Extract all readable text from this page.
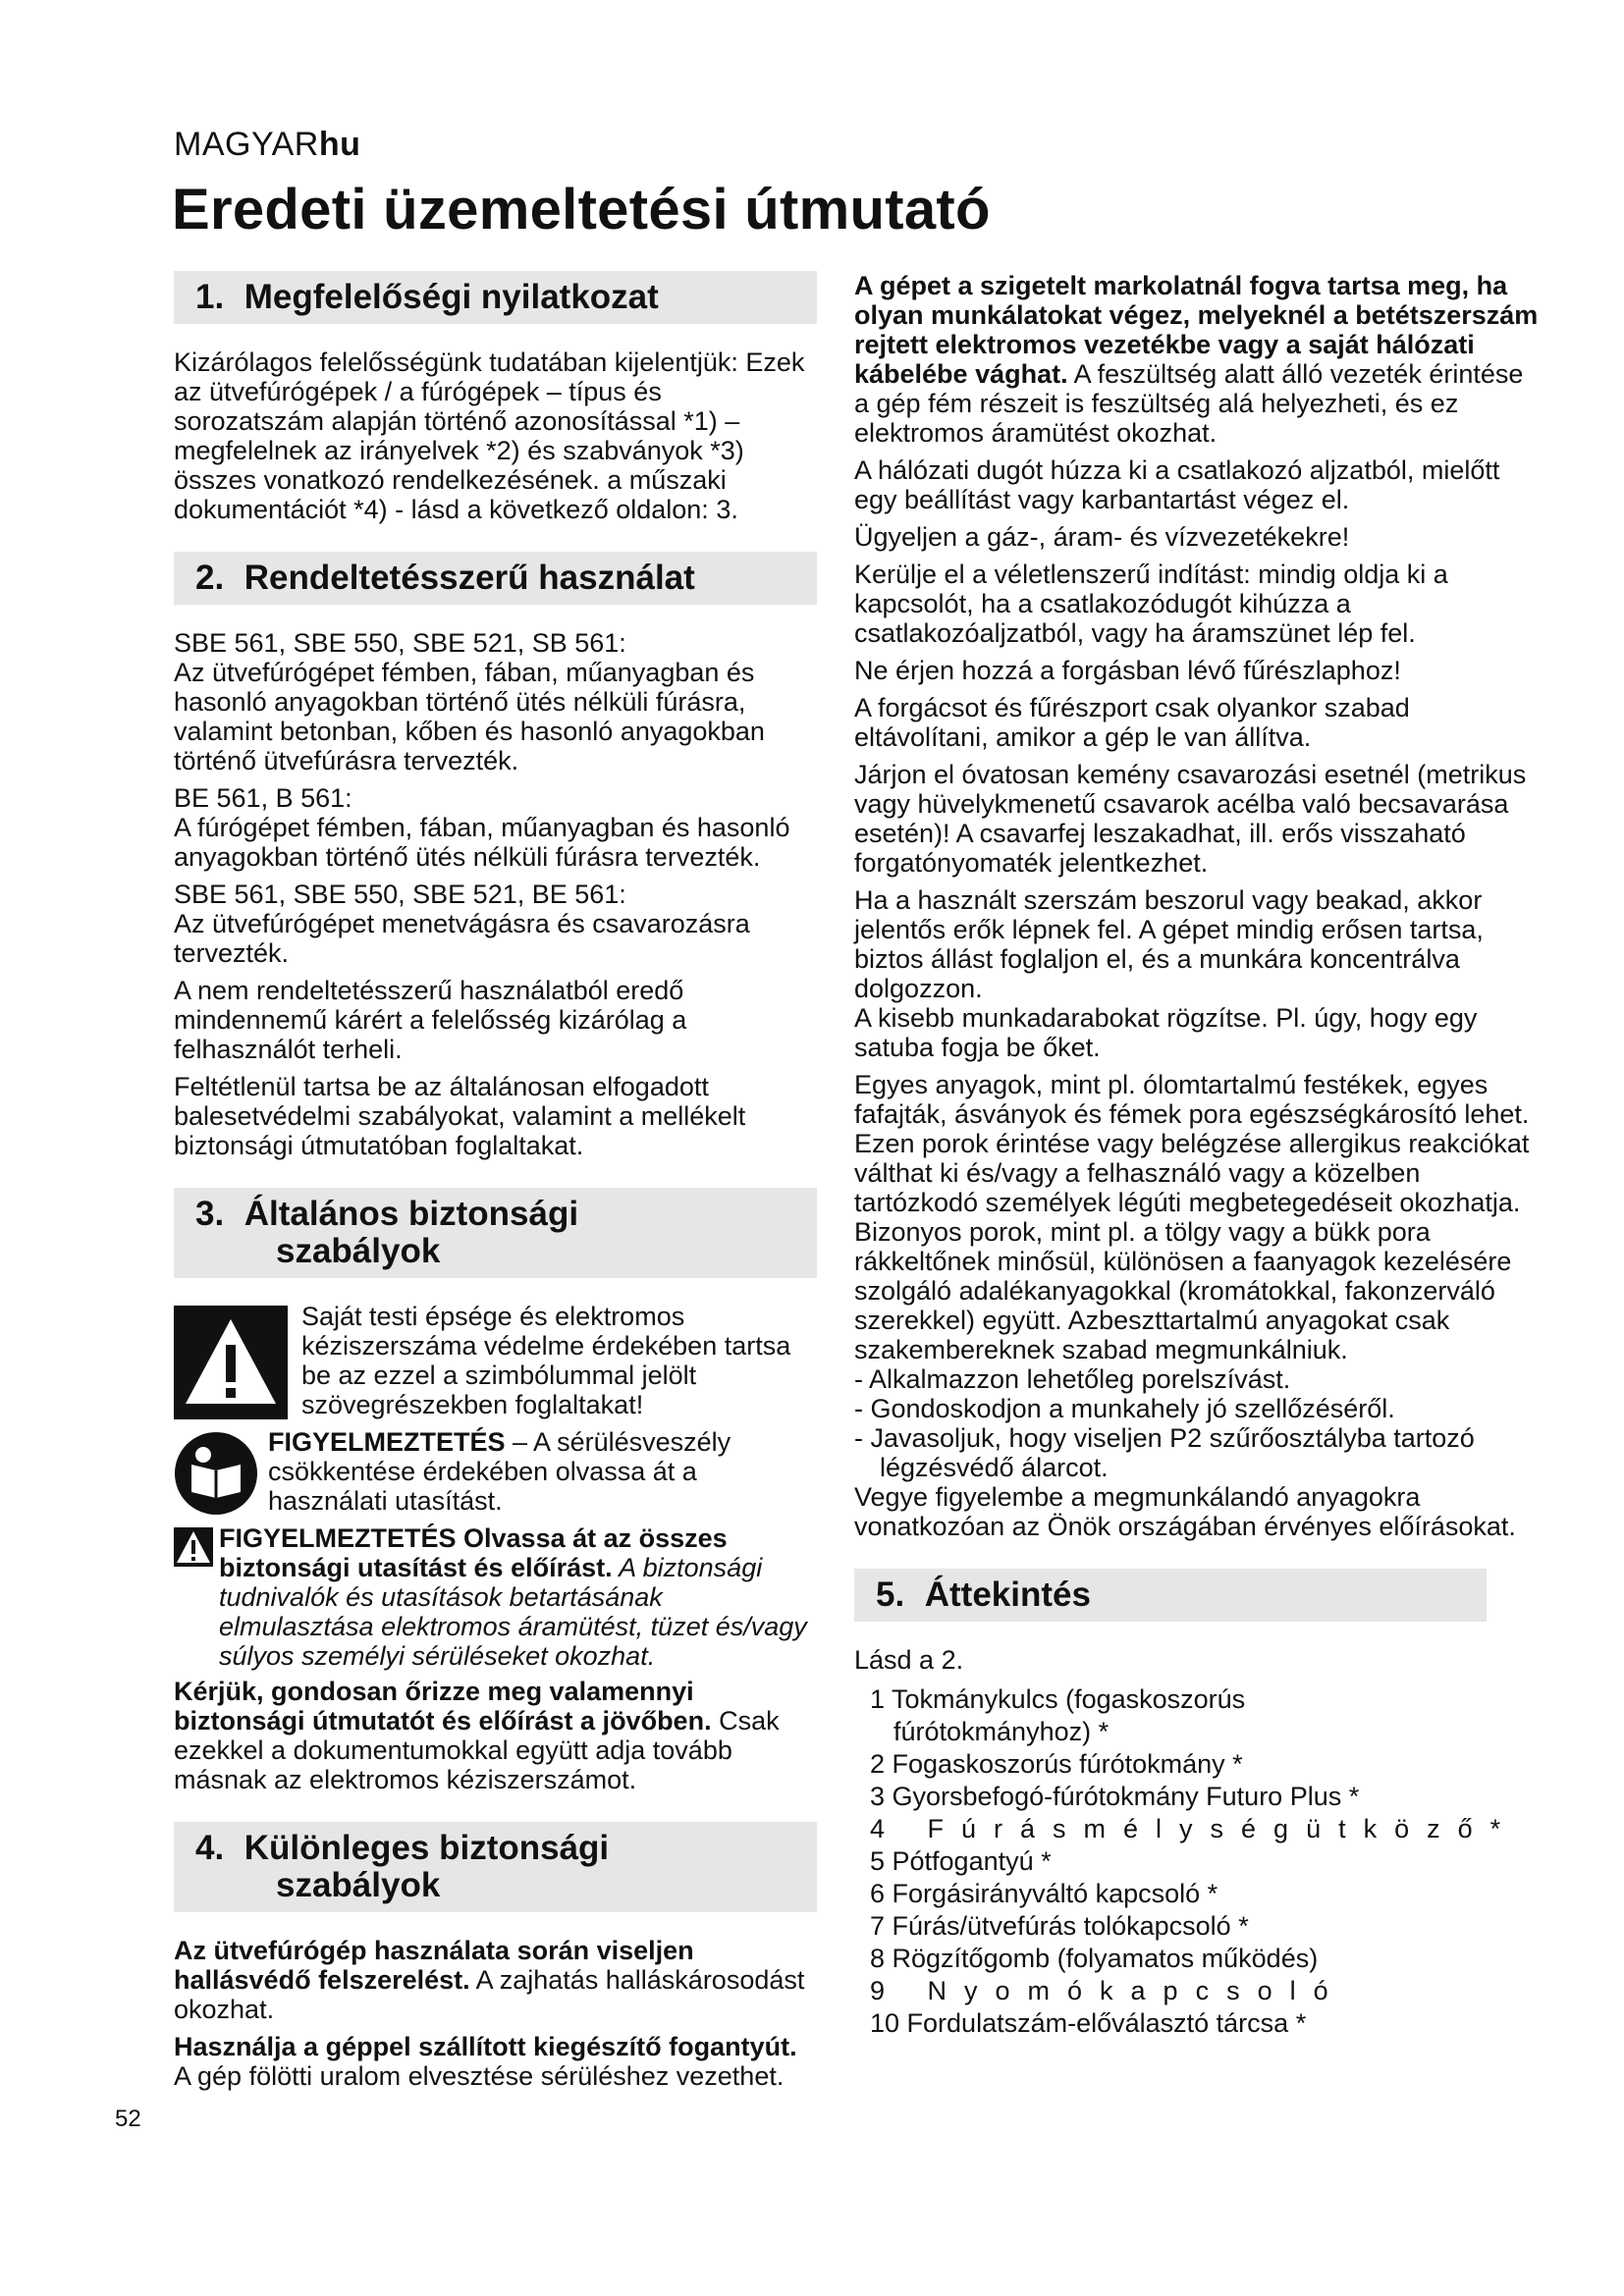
MAGYARhu
Eredeti üzemeltetési útmutató
1. Megfelelőségi nyilatkozat

Kizárólagos felelősségünk tudatában kijelentjük: Ezek az ütvefúrógépek / a fúrógépek – típus és sorozatszám alapján történő azonosítással *1) – megfelelnek az irányelvek *2) és szabványok *3) összes vonatkozó rendelkezésének. a műszaki dokumentációt *4) - lásd a következő oldalon: 3.

2. Rendeltetésszerű használat

SBE 561, SBE 550, SBE 521, SB 561:
Az ütvefúrógépet fémben, fában, műanyagban és hasonló anyagokban történő ütés nélküli fúrásra, valamint betonban, kőben és hasonló anyagokban történő ütvefúrásra tervezték.

BE 561, B 561:
A fúrógépet fémben, fában, műanyagban és hasonló anyagokban történő ütés nélküli fúrásra tervezték.

SBE 561, SBE 550, SBE 521, BE 561:
Az ütvefúrógépet menetvágásra és csavarozásra tervezték.

A nem rendeltetésszerű használatból eredő mindennemű kárért a felelősség kizárólag a felhasználót terheli.

Feltétlenül tartsa be az általánosan elfogadott balesetvédelmi szabályokat, valamint a mellékelt biztonsági útmutatóban foglaltakat.

3. Általános biztonsági
szabályok

Saját testi épsége és elektromos kéziszerszáma védelme érdekében tartsa be az ezzel a szimbólummal jelölt szövegrészekben foglaltakat!

FIGYELMEZTETÉS – A sérülésveszély csökkentése érdekében olvassa át a használati utasítást.

FIGYELMEZTETÉS Olvassa át az összes biztonsági utasítást és előírást. A biztonsági tudnivalók és utasítások betartásának elmulasztása elektromos áramütést, tüzet és/vagy súlyos személyi sérüléseket okozhat.

Kérjük, gondosan őrizze meg valamennyi biztonsági útmutatót és előírást a jövőben. Csak ezekkel a dokumentumokkal együtt adja tovább másnak az elektromos kéziszerszámot.

4. Különleges biztonsági
szabályok

Az ütvefúrógép használata során viseljen hallásvédő felszerelést. A zajhatás halláskárosodást okozhat.

Használja a géppel szállított kiegészítő fogantyút. A gép fölötti uralom elvesztése sérüléshez vezethet.

A gépet a szigetelt markolatnál fogva tartsa meg, ha olyan munkálatokat végez, melyeknél a betétszerszám rejtett elektromos vezetékbe vagy a saját hálózati kábelébe vághat. A feszültség alatt álló vezeték érintése a gép fém részeit is feszültség alá helyezheti, és ez elektromos áramütést okozhat.

A hálózati dugót húzza ki a csatlakozó aljzatból, mielőtt egy beállítást vagy karbantartást végez el.

Ügyeljen a gáz-, áram- és vízvezetékekre!

Kerülje el a véletlenszerű indítást: mindig oldja ki a kapcsolót, ha a csatlakozódugót kihúzza a csatlakozóaljzatból, vagy ha áramszünet lép fel.

Ne érjen hozzá a forgásban lévő fűrészlaphoz!

A forgácsot és fűrészport csak olyankor szabad eltávolítani, amikor a gép le van állítva.

Járjon el óvatosan kemény csavarozási esetnél (metrikus vagy hüvelykmenetű csavarok acélba való becsavarása esetén)! A csavarfej leszakadhat, ill. erős visszaható forgatónyomaték jelentkezhet.

Ha a használt szerszám beszorul vagy beakad, akkor jelentős erők lépnek fel. A gépet mindig erősen tartsa, biztos állást foglaljon el, és a munkára koncentrálva dolgozzon.

A kisebb munkadarabokat rögzítse. Pl. úgy, hogy egy satuba fogja be őket.

Egyes anyagok, mint pl. ólomtartalmú festékek, egyes fafajták, ásványok és fémek pora egészségkárosító lehet. Ezen porok érintése vagy belégzése allergikus reakciókat válthat ki és/vagy a felhasználó vagy a közelben tartózkodó személyek légúti megbetegedéseit okozhatja.

Bizonyos porok, mint pl. a tölgy vagy a bükk pora rákkeltőnek minősül, különösen a faanyagok kezelésére szolgáló adalékanyagokkal (kromátokkal, fakonzerváló szerekkel) együtt. Azbeszttartalmú anyagokat csak szakembereknek szabad megmunkálniuk.

- Alkalmazzon lehetőleg porelszívást.

- Gondoskodjon a munkahely jó szellőzéséről.

- Javasoljuk, hogy viseljen P2 szűrőosztályba tartozó légzésvédő álarcot.

Vegye figyelembe a megmunkálandó anyagokra vonatkozóan az Önök országában érvényes előírásokat.

5. Áttekintés

Lásd a 2.

1 Tokmánykulcs (fogaskoszorús
fúrótokmányhoz) *
2 Fogaskoszorús fúrótokmány *
3 Gyorsbefogó-fúrótokmány Futuro Plus *
4 Fúrásmélységütköző*
5 Pótfogantyú *
6 Forgásirányváltó kapcsoló *
7 Fúrás/ütvefúrás tolókapcsoló *
8 Rögzítőgomb (folyamatos működés)
9 Nyomókapcsoló
10 Fordulatszám-előválasztó tárcsa *
52
